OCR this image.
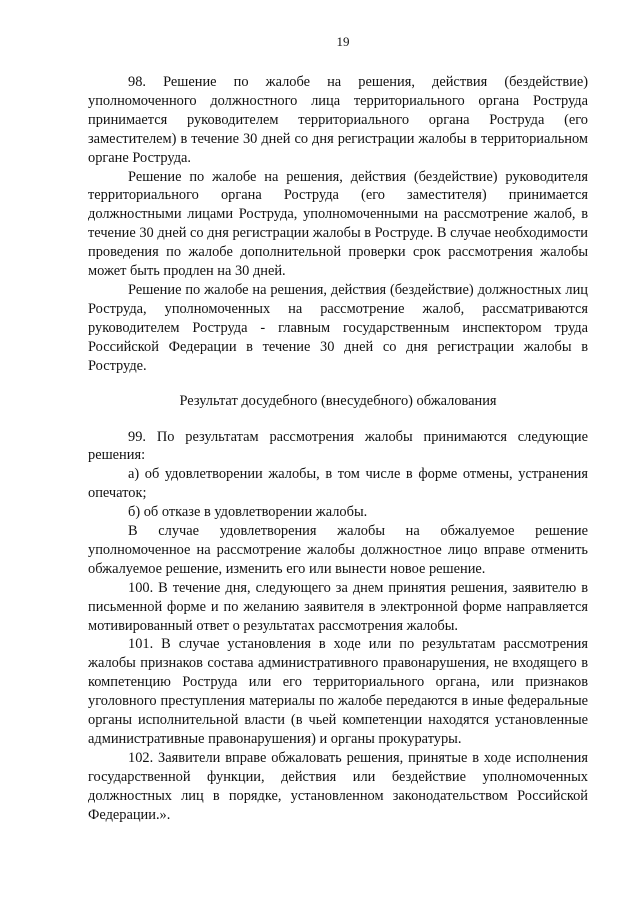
19

98. Решение по жалобе на решения, действия (бездействие) уполномоченного должностного лица территориального органа Роструда принимается руководителем территориального органа Роструда (его заместителем) в течение 30 дней со дня регистрации жалобы в территориальном органе Роструда.

Решение по жалобе на решения, действия (бездействие) руководителя территориального органа Роструда (его заместителя) принимается должностными лицами Роструда, уполномоченными на рассмотрение жалоб, в течение 30 дней со дня регистрации жалобы в Роструде. В случае необходимости проведения по жалобе дополнительной проверки срок рассмотрения жалобы может быть продлен на 30 дней.

Решение по жалобе на решения, действия (бездействие) должностных лиц Роструда, уполномоченных на рассмотрение жалоб, рассматриваются руководителем Роструда - главным государственным инспектором труда Российской Федерации в течение 30 дней со дня регистрации жалобы в Роструде.

Результат досудебного (внесудебного) обжалования

99. По результатам рассмотрения жалобы принимаются следующие решения:

а) об удовлетворении жалобы, в том числе в форме отмены, устранения опечаток;

б) об отказе в удовлетворении жалобы.

В случае удовлетворения жалобы на обжалуемое решение уполномоченное на рассмотрение жалобы должностное лицо вправе отменить обжалуемое решение, изменить его или вынести новое решение.

100. В течение дня, следующего за днем принятия решения, заявителю в письменной форме и по желанию заявителя в электронной форме направляется мотивированный ответ о результатах рассмотрения жалобы.

101. В случае установления в ходе или по результатам рассмотрения жалобы признаков состава административного правонарушения, не входящего в компетенцию Роструда или его территориального органа, или признаков уголовного преступления материалы по жалобе передаются в иные федеральные органы исполнительной власти (в чьей компетенции находятся установленные административные правонарушения) и органы прокуратуры.

102. Заявители вправе обжаловать решения, принятые в ходе исполнения государственной функции, действия или бездействие уполномоченных должностных лиц в порядке, установленном законодательством Российской Федерации.».
